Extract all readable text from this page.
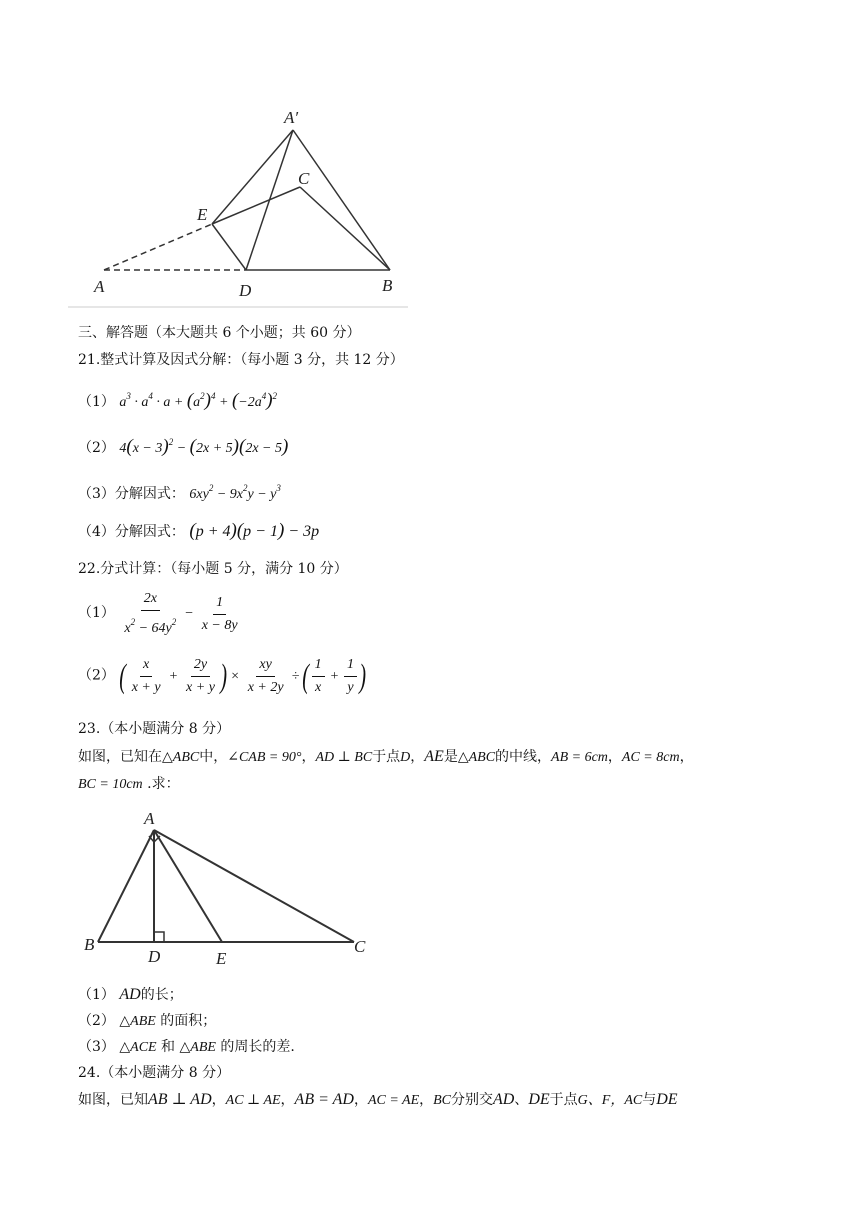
A′
C
E
A	D	B
三、解答题（本大题共 6 个小题；共 60 分）
21.整式计算及因式分解：（每小题 3 分，共 12 分）
（1） $a^3 \cdot a^4 \cdot a + (a^2)^4 + (-2a^4)^2$
（2） $4(x - 3)^2 - (2x + 5)(2x - 5)$
（3）分解因式： $6xy^2 - 9x^2y - y^3$
（4）分解因式： (p + 4)(p − 1) − 3p
22.分式计算：（每小题 5 分，满分 10 分）
$(1) \frac{2x}{x^2 - 64y^2} - \frac{1}{x - 8y}$
（2） ( $\frac{x}{x + y} + \frac{2y}{x + y}$ ) × $\frac{xy}{x + 2y}$ ÷( $\frac{1}{x} + \frac{1}{y}$ )
23.（本小题满分 8 分）
如图，已知在△ABC中，∠CAB = 90°，AD ⊥ BC于点D，AE是△ABC的中线，AB = 6cm，AC = 8cm，
BC = 10cm .求：
A
B
D	E
C
（1） AD的长；
（2） △ABE 的面积；
（3） △ACE 和 △ABE 的周长的差.
24.（本小题满分 8 分）
如图，已知AB ⊥ AD，AC ⊥ AE，AB = AD，AC = AE，BC分别交AD、DE于点G、F，AC与DE
